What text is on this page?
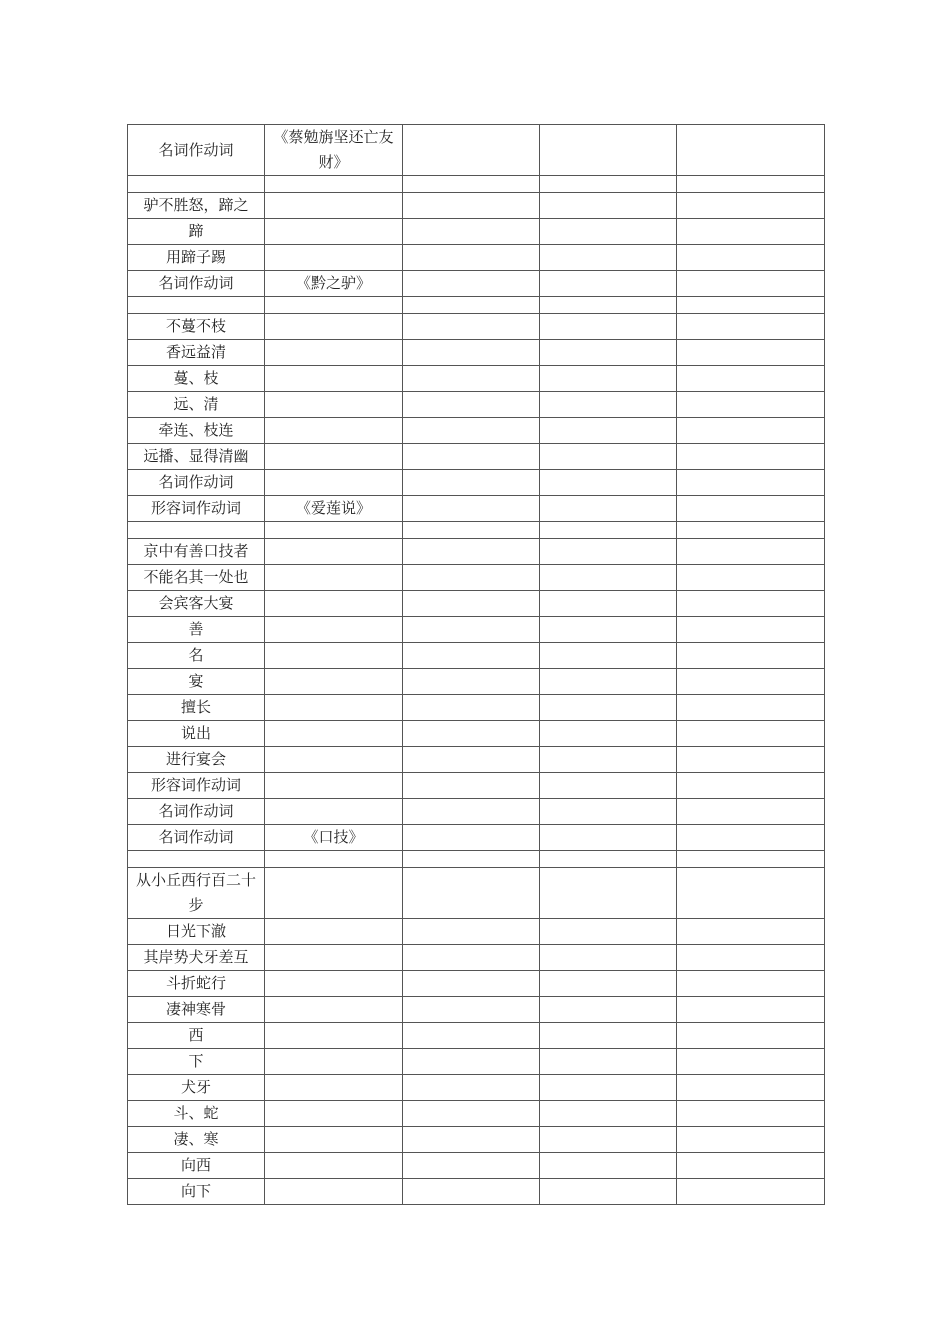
名词作动词	《蔡勉旃坚还亡友财》			

驴不胜怒，蹄之				
蹄				
用蹄子踢				
名词作动词	《黔之驴》			

不蔓不枝				
香远益清				
蔓、枝				
远、清				
牵连、枝连				
远播、显得清幽				
名词作动词				
形容词作动词	《爱莲说》			

京中有善口技者				
不能名其一处也				
会宾客大宴				
善				
名				
宴				
擅长				
说出				
进行宴会				
形容词作动词				
名词作动词				
名词作动词	《口技》			

从小丘西行百二十步				
日光下澈				
其岸势犬牙差互				
斗折蛇行				
凄神寒骨				
西				
下				
犬牙				
斗、蛇				
凄、寒				
向西				
向下				
